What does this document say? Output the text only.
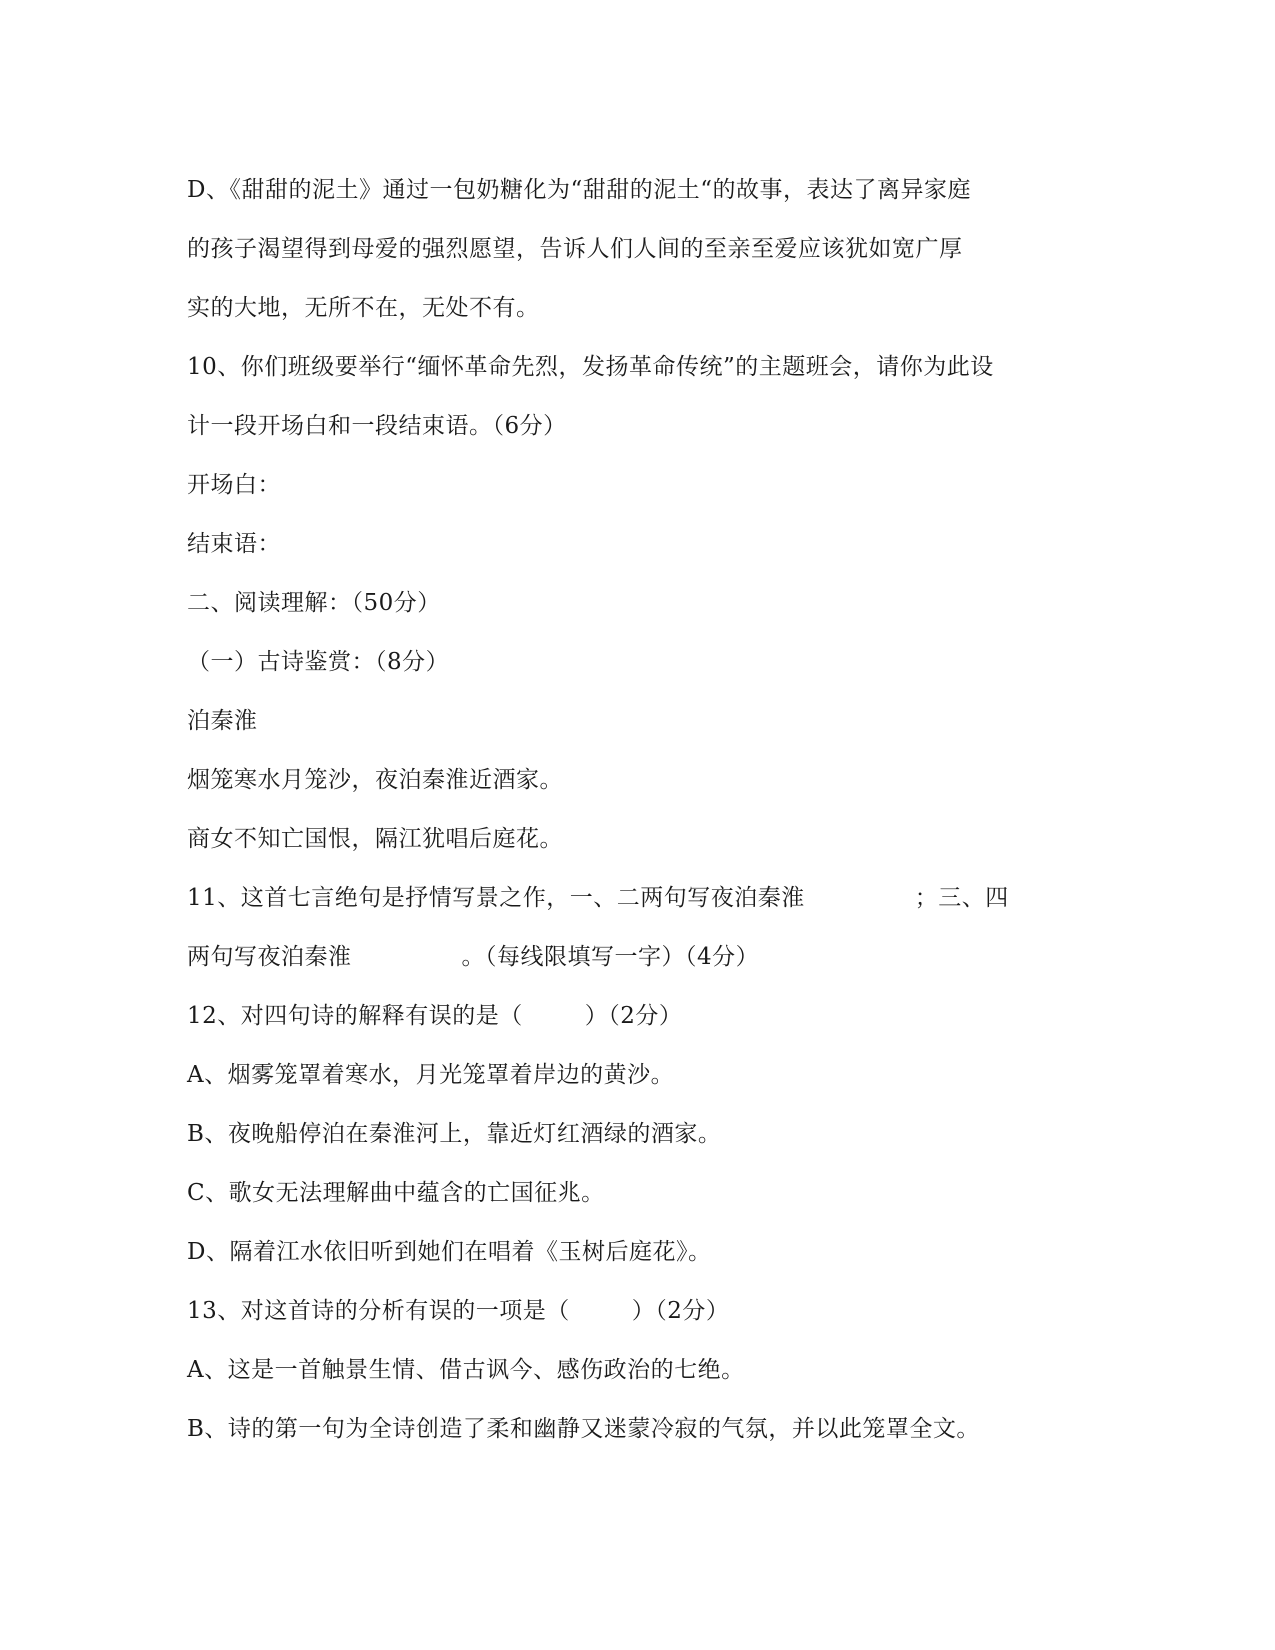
D、《甜甜的泥土》通过一包奶糖化为“甜甜的泥土“的故事，表达了离异家庭
的孩子渴望得到母爱的强烈愿望，告诉人们人间的至亲至爱应该犹如宽广厚
实的大地，无所不在，无处不有。
10、你们班级要举行“缅怀革命先烈，发扬革命传统”的主题班会，请你为此设
计一段开场白和一段结束语。（6分）
开场白：
结束语：
二、阅读理解：（50分）
（一）古诗鉴赏：（8分）
泊秦淮
烟笼寒水月笼沙，夜泊秦淮近酒家。
商女不知亡国恨，隔江犹唱后庭花。
11、这首七言绝句是抒情写景之作，一、二两句写夜泊秦淮	；三、四
两句写夜泊秦淮	。（每线限填写一字）（4分）
12、对四句诗的解释有误的是（	）（2分）
A、烟雾笼罩着寒水，月光笼罩着岸边的黄沙。
B、夜晚船停泊在秦淮河上，靠近灯红酒绿的酒家。
C、歌女无法理解曲中蕴含的亡国征兆。
D、隔着江水依旧听到她们在唱着《玉树后庭花》。
13、对这首诗的分析有误的一项是（	）（2分）
A、这是一首触景生情、借古讽今、感伤政治的七绝。
B、诗的第一句为全诗创造了柔和幽静又迷蒙冷寂的气氛，并以此笼罩全文。
